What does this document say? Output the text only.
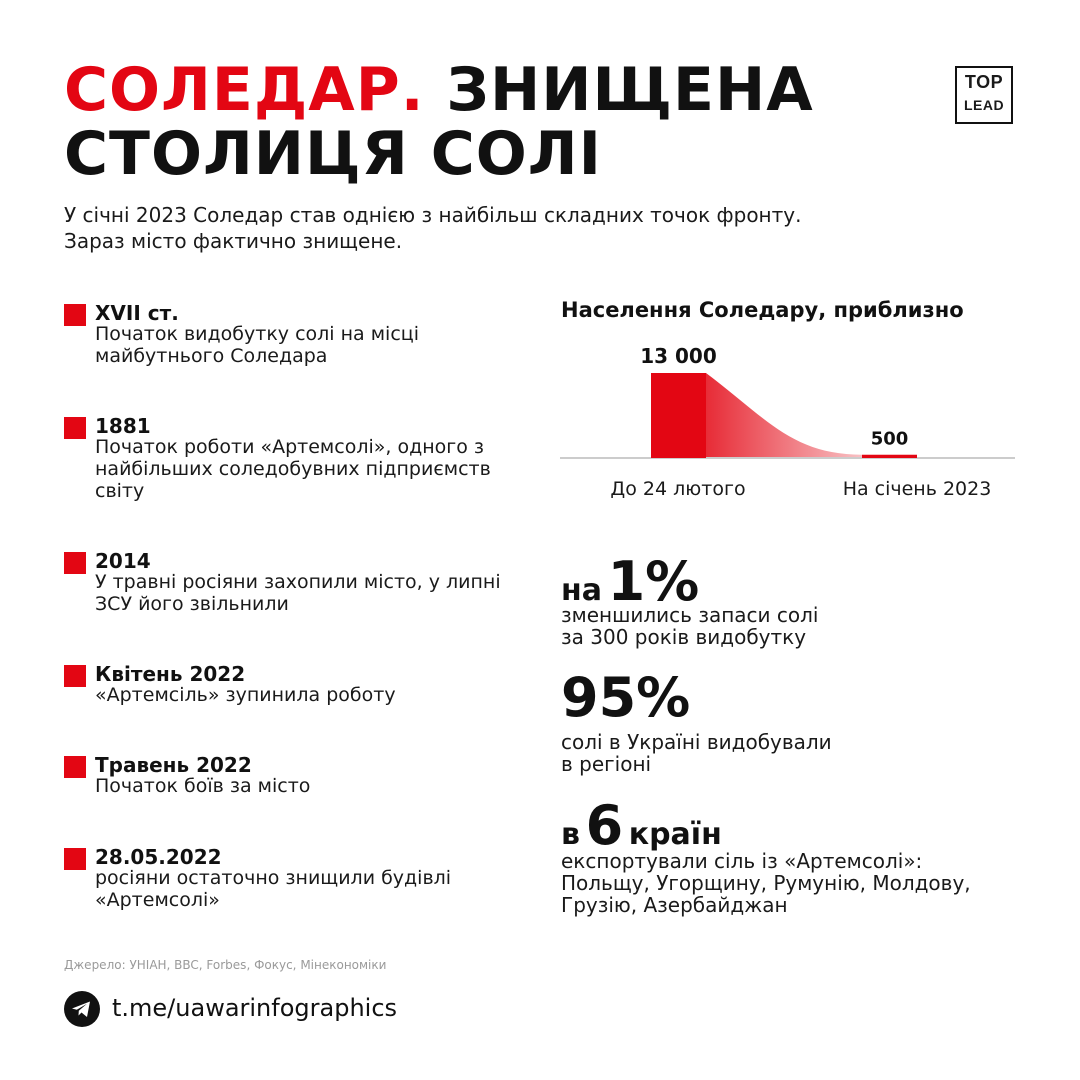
СОЛЕДАР. ЗНИЩЕНА
СТОЛИЦЯ СОЛІ
TOP
LEAD

У січні 2023 Соледар став однією з найбільш складних точок фронту.
Зараз місто фактично знищене.

XVII ст.
Початок видобутку солі на місці майбутнього Соледара
1881
Початок роботи «Артемсолі», одного з найбільших соледобувних підприємств світу
2014
У травні росіяни захопили місто, у липні ЗСУ його звільнили
Квітень 2022
«Артемсіль» зупинила роботу
Травень 2022
Початок боїв за місто
28.05.2022
росіяни остаточно знищили будівлі «Артемсолі»
Населення Соледару, приблизно
13 000
500
До 24 лютого	На січень 2023
на 1%
зменшились запаси солі
за 300 років видобутку
95%
солі в Україні видобували
в регіоні
в 6 країн
експортували сіль із «Артемсолі»:
Польщу, Угорщину, Румунію, Молдову,
Грузію, Азербайджан
Джерело: УНІАН, BBC, Forbes, Фокус, Мінекономіки
t.me/uawarinfographics
